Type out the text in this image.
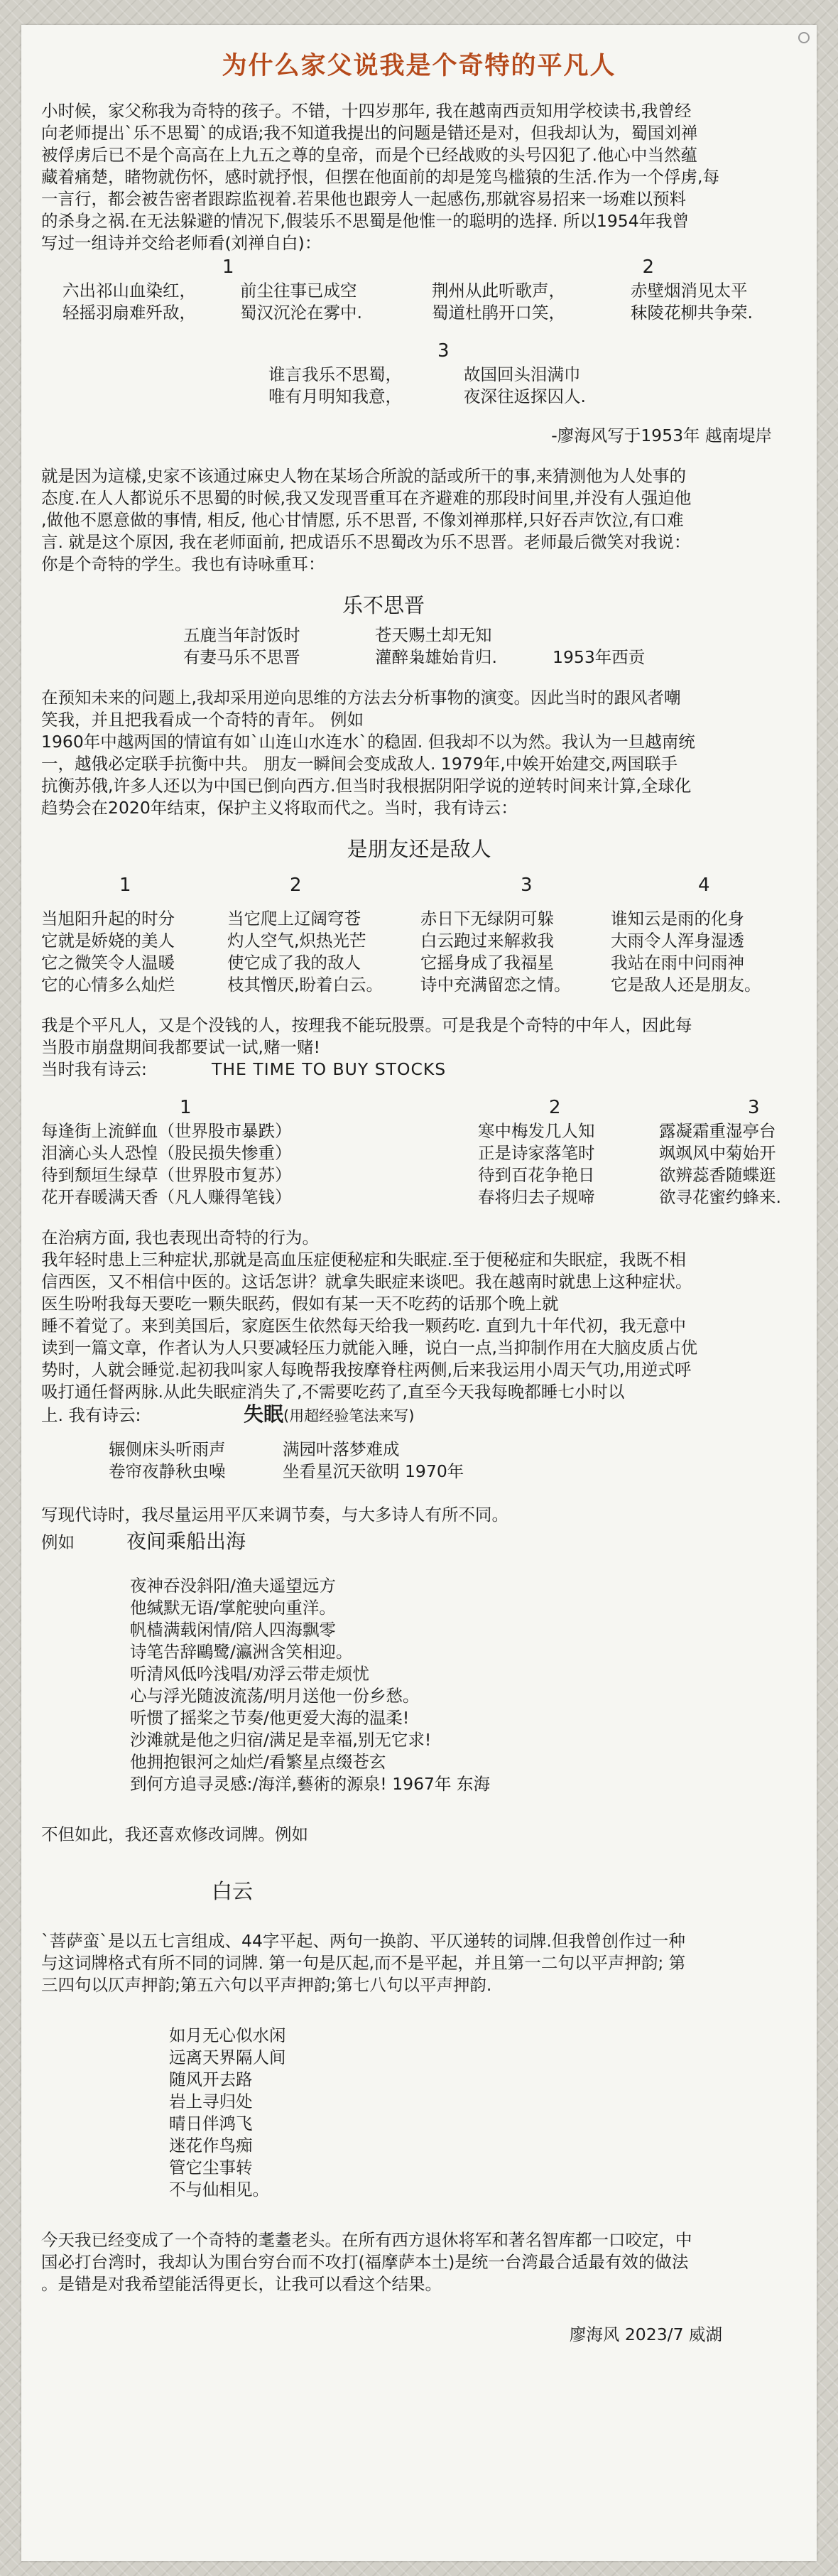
为什么家父说我是个奇特的平凡人

小时候，家父称我为奇特的孩子。不错，十四岁那年, 我在越南西贡知用学校读书,我曾经

向老师提出`乐不思蜀`的成语;我不知道我提出的问题是错还是对，但我却认为，蜀国刘禅

被俘虏后已不是个高高在上九五之尊的皇帝，而是个已经战败的头号囚犯了.他心中当然蕴

藏着痛楚，睹物就伤怀，感时就抒恨，但摆在他面前的却是笼鸟槛猿的生活.作为一个俘虏,每

一言行，都会被告密者跟踪监视着.若果他也跟旁人一起感伤,那就容易招来一场难以预料

的杀身之祸.在无法躲避的情况下,假装乐不思蜀是他惟一的聪明的选择. 所以1954年我曾

写过一组诗并交给老师看(刘禅自白)：

1	2
六出祁山血染红，	前尘往事已成空	荆州从此听歌声，	赤壁烟消见太平
轻摇羽扇难歼敌，	蜀汉沉沦在雾中.	蜀道杜鹃开口笑，	秣陵花柳共争荣.
3
谁言我乐不思蜀，	故国回头泪满巾
唯有月明知我意，	夜深往返探囚人.
-廖海风写于1953年 越南堤岸

就是因为這樣,史家不该通过麻史人物在某场合所說的話或所干的事,来猜测他为人处事的

态度.在人人都说乐不思蜀的时候,我又发现晋重耳在齐避难的那段时间里,并没有人强迫他

,做他不愿意做的事情, 相反, 他心甘情愿, 乐不思晋, 不像刘禅那样,只好吞声饮泣,有口难

言. 就是这个原因, 我在老师面前, 把成语乐不思蜀改为乐不思晋。老师最后微笑对我说：

你是个奇特的学生。我也有诗咏重耳：

乐不思晋
五鹿当年討饭时	苍天赐土却无知
有妻马乐不思晋	灌醉枭雄始肯归.	1953年西贡

在预知未来的问题上,我却采用逆向思维的方法去分析事物的演变。因此当时的跟风者嘲

笑我，并且把我看成一个奇特的青年。 例如

1960年中越两国的情谊有如`山连山水连水`的稳固. 但我却不以为然。我认为一旦越南统

一，越俄必定联手抗衡中共。 朋友一瞬间会变成敌人. 1979年,中娭开始建交,两国联手

抗衡苏俄,许多人还以为中国已倒向西方.但当时我根据阴阳学说的逆转时间来计算,全球化

趋势会在2020年结束，保护主义将取而代之。当时，我有诗云：

是朋友还是敌人
1	2	3	4
当旭阳升起的时分	当它爬上辽阔穹苍	赤日下无绿阴可躲	谁知云是雨的化身
它就是娇娆的美人	灼人空气,炽热光芒	白云跑过来解救我	大雨令人浑身湿透
它之微笑令人温暖	使它成了我的敌人	它摇身成了我福星	我站在雨中问雨神
它的心情多么灿烂	枝其憎厌,盼着白云。	诗中充满留恋之情。	它是敌人还是朋友。

我是个平凡人，又是个没钱的人，按理我不能玩股票。可是我是个奇特的中年人，因此每

当股市崩盘期间我都要试一试,赌一赌!

当时我有诗云:	THE TIME TO BUY STOCKS
1	2	3
每逢街上流鲜血（世界股市暴跌）	寒中梅发几人知	露凝霜重湿亭台
泪滴心头人恐惶（股民损失惨重）	正是诗家落笔时	飒飒风中菊始开
待到颓垣生绿草（世界股市复苏）	待到百花争艳日	欲辨蕊香随蝶逛
花开春暖满天香（凡人赚得笔钱）	春将归去子规啼	欲寻花蜜约蜂来.

在治病方面, 我也表现出奇特的行为。

我年轻时患上三种症状,那就是高血压症便秘症和失眠症.至于便秘症和失眠症，我既不相

信西医，又不相信中医的。这话怎讲？就拿失眠症来谈吧。我在越南时就患上这种症状。

医生吩咐我每天要吃一颗失眠药，假如有某一天不吃药的话那个晚上就

睡不着觉了。来到美国后，家庭医生依然每天给我一颗药吃. 直到九十年代初，我无意中

读到一篇文章，作者认为人只要减轻压力就能入睡，说白一点,当抑制作用在大脑皮质占优

势时，人就会睡觉.起初我叫家人每晚帮我按摩脊柱两侧,后来我运用小周天气功,用逆式呼

吸打通任督两脉.从此失眠症消失了,不需要吃药了,直至今天我每晚都睡七小时以

上. 我有诗云:	失眠 (用超经验笔法来写)
辗侧床头听雨声	满园叶落梦难成
卷帘夜静秋虫噪	坐看星沉天欲明 1970年

写现代诗时，我尽量运用平仄来调节奏，与大多诗人有所不同。

例如	夜间乘船出海

夜神吞没斜阳/渔夫遥望远方

他缄默无语/掌舵驶向重洋。

帆樯满载闲情/陪人四海飘零

诗笔告辞鷗鹭/瀛洲含笑相迎。

听清风低吟浅唱/劝浮云带走烦忧

心与浮光随波流荡/明月送他一份乡愁。

听惯了摇桨之节奏/他更爱大海的温柔!

沙滩就是他之归宿/满足是幸福,别无它求!

他拥抱银河之灿烂/看繁星点缀苍玄

到何方追寻灵感:/海洋,藝術的源泉! 1967年 东海

不但如此，我还喜欢修改词牌。例如

白云

`菩萨蛮`是以五七言组成、44字平起、两句一换韵、平仄递转的词牌.但我曾创作过一种

与这词牌格式有所不同的词牌. 第一句是仄起,而不是平起，并且第一二句以平声押韵; 第

三四句以仄声押韵;第五六句以平声押韵;第七八句以平声押韵.

如月无心似水闲

远离天界隔人间

随风开去路

岩上寻归处

晴日伴鸿飞

迷花作鸟痴

管它尘事转

不与仙相见。

今天我已经变成了一个奇特的耄耋老头。在所有西方退休将军和著名智库都一口咬定，中

国必打台湾时，我却认为围台穷台而不攻打(福摩萨本土)是统一台湾最合适最有效的做法

。是错是对我希望能活得更长，让我可以看这个结果。

廖海风 2023/7 威湖
